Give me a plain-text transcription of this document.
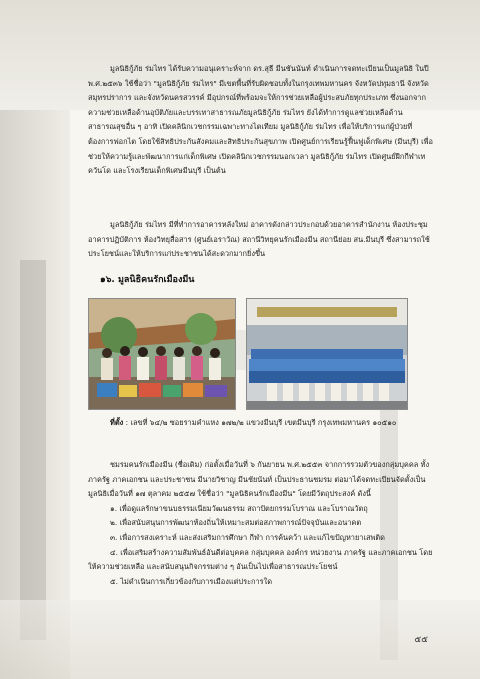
มูลนิธิกู้ภัย ร่มไทร ได้รับความอนุเคราะห์จาก ดร.สุธี มีนชันนันท์ ดำเนินการจดทะเบียนเป็นมูลนิธิ ในปี พ.ศ.๒๕๓๖ ใช้ชื่อว่า "มูลนิธิกู้ภัย ร่มไทร" มีเขตพื้นที่รับผิดชอบทั้งในกรุงเทพมหานคร จังหวัดปทุมธานี จังหวัดสมุทรปราการ และจังหวัดนครสวรรค์ มีอุปกรณ์ที่พร้อมจะให้การช่วยเหลือผู้ประสบภัยทุกประเภท ซึ่งนอกจากความช่วยเหลือด้านอุบัติภัยและบรรเทาสาธารณภัยมูลนิธิกู้ภัย ร่มไทร ยังได้ทำการดูแลช่วยเหลือด้านสาธารณสุขอื่น ๆ อาทิ เปิดคลินิกเวชกรรมเฉพาะทางไตเทียม มูลนิธิกู้ภัย ร่มไทร เพื่อให้บริการแก่ผู้ป่วยที่ต้องการฟอกไต โดยใช้สิทธิประกันสังคมและสิทธิประกันสุขภาพ เปิดศูนย์การเรียนรู้ฟื้นฟูเด็กพิเศษ (มีนบุรี) เพื่อช่วยให้ความรู้และพัฒนาการแก่เด็กพิเศษ เปิดคลินิกเวชกรรมนอกเวลา มูลนิธิกู้ภัย ร่มไทร เปิดศูนย์ฝึกกีฬาเทควันโด และโรงเรียนเด็กพิเศษมีนบุรี เป็นต้น

มูลนิธิกู้ภัย ร่มไทร มีที่ทำการอาคารหลังใหม่ อาคารดังกล่าวประกอบด้วยอาคารสำนักงาน ห้องประชุม อาคารปฏิบัติการ ห้องวิทยุสื่อสาร (ศูนย์เอราวัณ) สถานีวิทยุคนรักเมืองมีน สถานีย่อย สน.มีนบุรี ซึ่งสามารถใช้ประโยชน์และให้บริการแก่ประชาชนได้สะดวกมากยิ่งขึ้น

๑๖. มูลนิธิคนรักเมืองมีน

ที่ตั้ง : เลขที่ ๖๔/๒ ซอยรามคำแหง ๑๗๒/๒ แขวงมีนบุรี เขตมีนบุรี กรุงเทพมหานคร ๑๐๕๑๐

ชมรมคนรักเมืองมีน (ชื่อเดิม) ก่อตั้งเมื่อวันที่ ๖ กันยายน พ.ศ.๒๕๕๓ จากการรวมตัวของกลุ่มบุคคล ทั้งภาครัฐ ภาคเอกชน และประชาชน มีนายวิชาญ มีนชัยนันท์ เป็นประธานชมรม ต่อมาได้จดทะเบียนจัดตั้งเป็นมูลนิธิเมื่อวันที่ ๑๗ ตุลาคม ๒๕๕๗ ใช้ชื่อว่า "มูลนิธิคนรักเมืองมีน" โดยมีวัตถุประสงค์ ดังนี้

๑. เพื่อดูแลรักษาขนบธรรมเนียมวัฒนธรรม สถาปัตยกรรมโบราณ และโบราณวัตถุ

๒. เพื่อสนับสนุนการพัฒนาท้องถิ่นให้เหมาะสมต่อสภาพการณ์ปัจจุบันและอนาคต

๓. เพื่อการสงเคราะห์ และส่งเสริมการศึกษา กีฬา การค้นคว้า และแก้ไขปัญหายาเสพติด

๔. เพื่อเสริมสร้างความสัมพันธ์อันดีต่อบุคคล กลุ่มบุคคล องค์กร หน่วยงาน ภาครัฐ และภาคเอกชน โดยให้ความช่วยเหลือ และสนับสนุนกิจกรรมต่าง ๆ อันเป็นไปเพื่อสาธารณประโยชน์

๕. ไม่ดำเนินการเกี่ยวข้องกับการเมืองแต่ประการใด

๕๕
